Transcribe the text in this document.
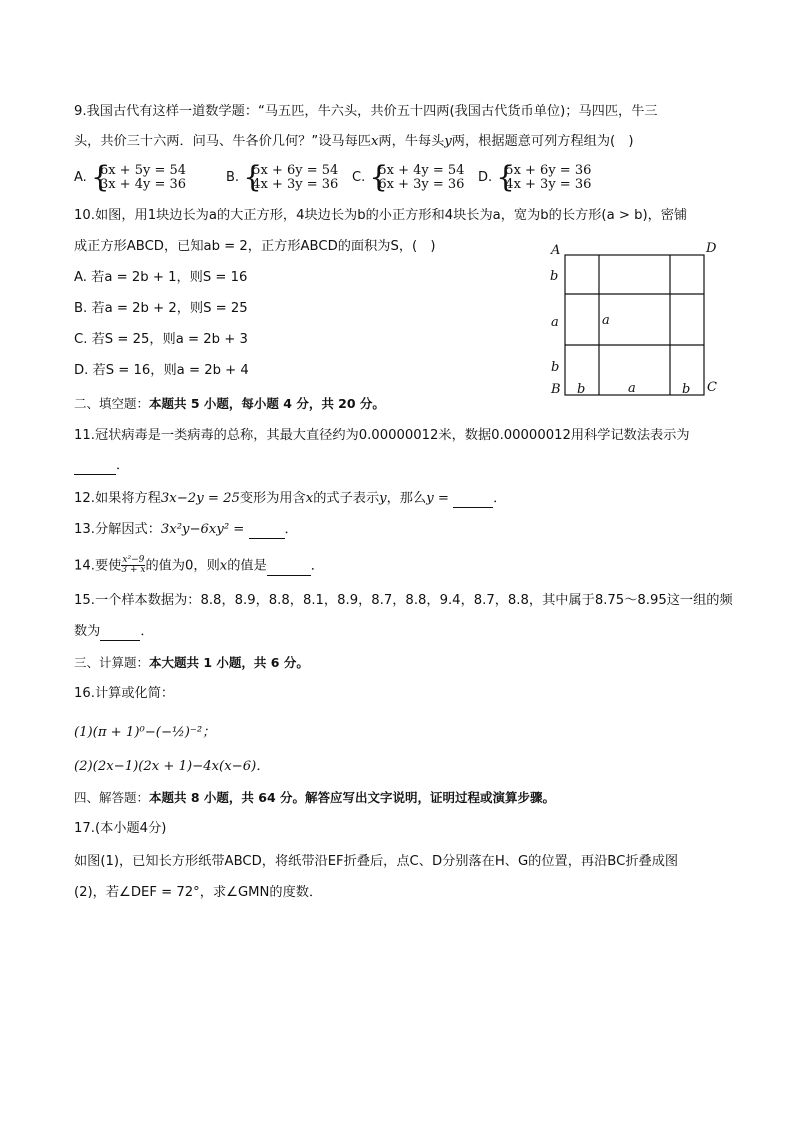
9.我国古代有这样一道数学题：“马五匹，牛六头，共价五十四两(我国古代货币单位)；马四匹，牛三
头，共价三十六两．问马、牛各价几何？”设马每匹x两，牛每头y两，根据题意可列方程组为(　)
A. {
6x + 5y = 54
3x + 4y = 36	B. {
5x + 6y = 54
4x + 3y = 36 C. {
5x + 4y = 54
6x + 3y = 36 D. {
5x + 6y = 36
4x + 3y = 36
10.如图，用1块边长为a的大正方形，4块边长为b的小正方形和4块长为a，宽为b的长方形(a > b)，密铺
成正方形ABCD，已知ab = 2，正方形ABCD的面积为S，(　)
A. 若a = 2b + 1，则S = 16
B. 若a = 2b + 2，则S = 25
C. 若S = 25，则a = 2b + 3
D. 若S = 16，则a = 2b + 4
A	D
B	C
b
a
b
a
b	a	b
二、填空题：本题共 5 小题，每小题 4 分，共 20 分。
11.冠状病毒是一类病毒的总称，其最大直径约为0.00000012米，数据0.00000012用科学记数法表示为
．
12.如果将方程3x−2y = 25变形为用含x的式子表示y，那么y =	．
13.分解因式：3x²y−6xy² =	．
14.要使 $\frac{\text{x²−9}}{3 + x}$ 的值为0，则x的值是	．
15.一个样本数据为：8.8，8.9，8.8，8.1，8.9，8.7，8.8，9.4，8.7，8.8，其中属于8.75～8.95这一组的频
数为	．
三、计算题：本大题共 1 小题，共 6 分。
16.计算或化简：
(1)(π + 1)⁰−(−½)⁻²；
(2)(2x−1)(2x + 1)−4x(x−6)．
四、解答题：本题共 8 小题，共 64 分。解答应写出文字说明，证明过程或演算步骤。
17.(本小题4分)
如图(1)，已知长方形纸带ABCD，将纸带沿EF折叠后，点C、D分别落在H、G的位置，再沿BC折叠成图
(2)，若∠DEF = 72°，求∠GMN的度数．
